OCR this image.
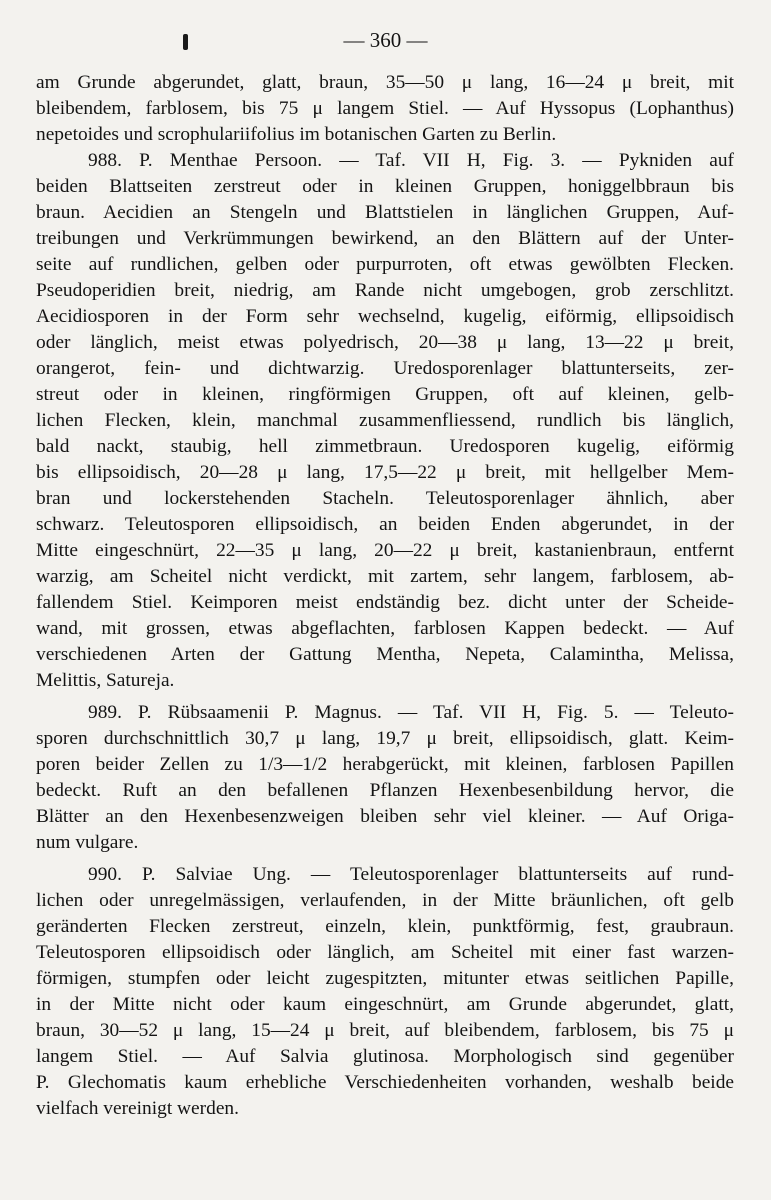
— 360 —
am Grunde abgerundet, glatt, braun, 35—50 μ lang, 16—24 μ breit, mit
bleibendem, farblosem, bis 75 μ langem Stiel. — Auf Hyssopus (Lophanthus)
nepetoides und scrophulariifolius im botanischen Garten zu Berlin.
988. P. Menthae Persoon. — Taf. VII H, Fig. 3. — Pykniden auf
beiden Blattseiten zerstreut oder in kleinen Gruppen, honiggelbbraun bis
braun. Aecidien an Stengeln und Blattstielen in länglichen Gruppen, Auf-
treibungen und Verkrümmungen bewirkend, an den Blättern auf der Unter-
seite auf rundlichen, gelben oder purpurroten, oft etwas gewölbten Flecken.
Pseudoperidien breit, niedrig, am Rande nicht umgebogen, grob zerschlitzt.
Aecidiosporen in der Form sehr wechselnd, kugelig, eiförmig, ellipsoidisch
oder länglich, meist etwas polyedrisch, 20—38 μ lang, 13—22 μ breit,
orangerot, fein- und dichtwarzig. Uredosporenlager blattunterseits, zer-
streut oder in kleinen, ringförmigen Gruppen, oft auf kleinen, gelb-
lichen Flecken, klein, manchmal zusammenfliessend, rundlich bis länglich,
bald nackt, staubig, hell zimmetbraun. Uredosporen kugelig, eiförmig
bis ellipsoidisch, 20—28 μ lang, 17,5—22 μ breit, mit hellgelber Mem-
bran und lockerstehenden Stacheln. Teleutosporenlager ähnlich, aber
schwarz. Teleutosporen ellipsoidisch, an beiden Enden abgerundet, in der
Mitte eingeschnürt, 22—35 μ lang, 20—22 μ breit, kastanienbraun, entfernt
warzig, am Scheitel nicht verdickt, mit zartem, sehr langem, farblosem, ab-
fallendem Stiel. Keimporen meist endständig bez. dicht unter der Scheide-
wand, mit grossen, etwas abgeflachten, farblosen Kappen bedeckt. — Auf
verschiedenen Arten der Gattung Mentha, Nepeta, Calamintha, Melissa,
Melittis, Satureja.
989. P. Rübsaamenii P. Magnus. — Taf. VII H, Fig. 5. — Teleuto-
sporen durchschnittlich 30,7 μ lang, 19,7 μ breit, ellipsoidisch, glatt. Keim-
poren beider Zellen zu 1/3—1/2 herabgerückt, mit kleinen, farblosen Papillen
bedeckt. Ruft an den befallenen Pflanzen Hexenbesenbildung hervor, die
Blätter an den Hexenbesenzweigen bleiben sehr viel kleiner. — Auf Origa-
num vulgare.
990. P. Salviae Ung. — Teleutosporenlager blattunterseits auf rund-
lichen oder unregelmässigen, verlaufenden, in der Mitte bräunlichen, oft gelb
geränderten Flecken zerstreut, einzeln, klein, punktförmig, fest, graubraun.
Teleutosporen ellipsoidisch oder länglich, am Scheitel mit einer fast warzen-
förmigen, stumpfen oder leicht zugespitzten, mitunter etwas seitlichen Papille,
in der Mitte nicht oder kaum eingeschnürt, am Grunde abgerundet, glatt,
braun, 30—52 μ lang, 15—24 μ breit, auf bleibendem, farblosem, bis 75 μ
langem Stiel. — Auf Salvia glutinosa. Morphologisch sind gegenüber
P. Glechomatis kaum erhebliche Verschiedenheiten vorhanden, weshalb beide
vielfach vereinigt werden.
